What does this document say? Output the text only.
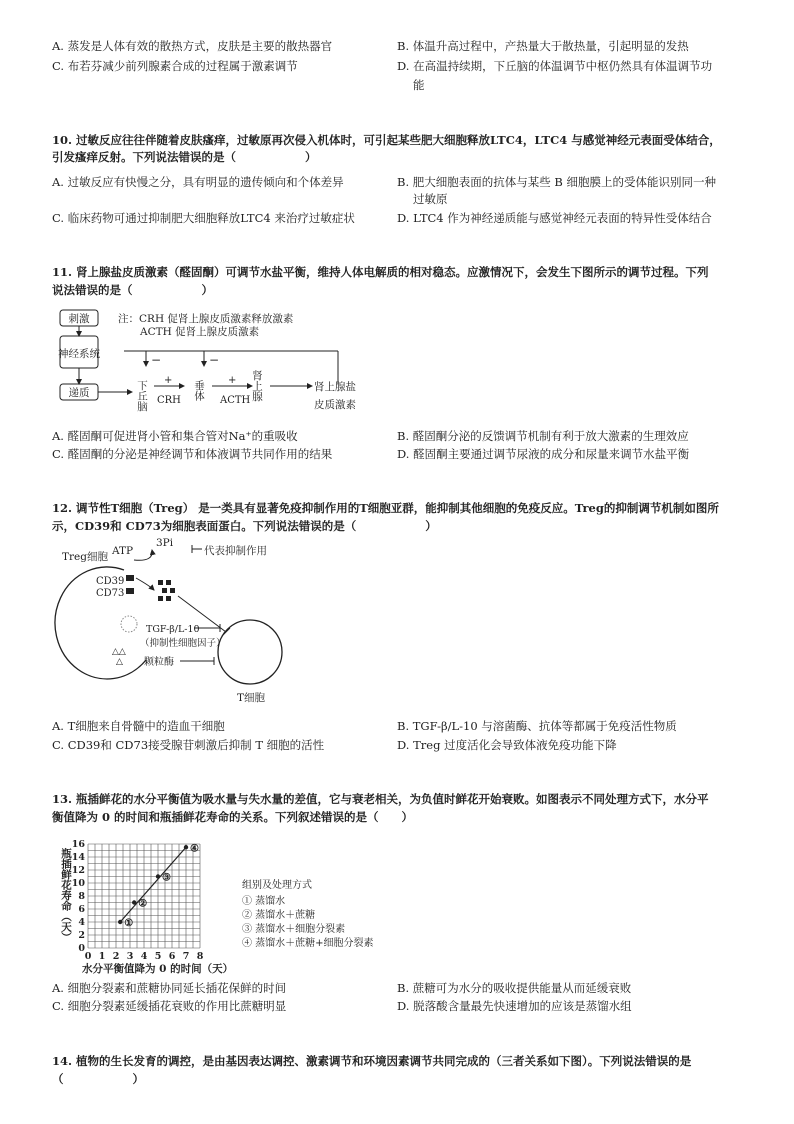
A. 蒸发是人体有效的散热方式，皮肤是主要的散热器官	B. 体温升高过程中，产热量大于散热量，引起明显的发热
C. 布若芬减少前列腺素合成的过程属于激素调节	D. 在高温持续期，下丘脑的体温调节中枢仍然具有体温调节功
能
10. 过敏反应往往伴随着皮肤瘙痒，过敏原再次侵入机体时，可引起某些肥大细胞释放LTC4，LTC4 与感觉神经元表面受体结合，
引发瘙痒反射。下列说法错误的是（　　　　　　）
A. 过敏反应有快慢之分，具有明显的遗传倾向和个体差异	B. 肥大细胞表面的抗体与某些 B 细胞膜上的受体能识别同一种
过敏原
C. 临床药物可通过抑制肥大细胞释放LTC4 来治疗过敏症状	D. LTC4 作为神经递质能与感觉神经元表面的特异性受体结合
11. 肾上腺盐皮质激素（醛固酮）可调节水盐平衡，维持人体电解质的相对稳态。应激情况下，会发生下图所示的调节过程。下列
说法错误的是（　　　　　　）
刺激
神经系统
递质
注：CRH 促肾上腺皮质激素释放激素
ACTH 促肾上腺皮质激素
−	−
下丘脑 +
CRH 垂体 +
ACTH 肾上腺	肾上腺盐
皮质激素
A. 醛固酮可促进肾小管和集合管对Na⁺的重吸收	B. 醛固酮分泌的反馈调节机制有利于放大激素的生理效应
C. 醛固酮的分泌是神经调节和体液调节共同作用的结果	D. 醛固酮主要通过调节尿液的成分和尿量来调节水盐平衡
12. 调节性T细胞（Treg） 是一类具有显著免疫抑制作用的T细胞亚群，能抑制其他细胞的免疫反应。Treg的抑制调节机制如图所
示，CD39和 CD73为细胞表面蛋白。下列说法错误的是（　　　　　　）
Treg细胞 ATP
3Pi
代表抑制作用
CD39
CD73
TGF-β/L-10
（抑制性细胞因子）
△△
△ 颗粒酶
T细胞
A. T细胞来自骨髓中的造血干细胞	B. TGF-β/L-10 与溶菌酶、抗体等都属于免疫活性物质
C. CD39和 CD73接受腺苷刺激后抑制 T 细胞的活性	D. Treg 过度活化会导致体液免疫功能下降
13. 瓶插鲜花的水分平衡值为吸水量与失水量的差值，它与衰老相关，为负值时鲜花开始衰败。如图表示不同处理方式下，水分平
衡值降为 0 的时间和瓶插鲜花寿命的关系。下列叙述错误的是（　　）
瓶插鲜花寿命（天）
水分平衡值降为 0 的时间（天）
0 1 2 3 4 5 6 7 8
0
2
4
6
8
10
12
14
16
①
②
③
④
组别及处理方式
① 蒸馏水
② 蒸馏水＋蔗糖
③ 蒸馏水＋细胞分裂素
④ 蒸馏水＋蔗糖+细胞分裂素
A. 细胞分裂素和蔗糖协同延长插花保鲜的时间	B. 蔗糖可为水分的吸收提供能量从而延缓衰败
C. 细胞分裂素延缓插花衰败的作用比蔗糖明显	D. 脱落酸含量最先快速增加的应该是蒸馏水组
14. 植物的生长发育的调控，是由基因表达调控、激素调节和环境因素调节共同完成的（三者关系如下图）。下列说法错误的是
（　　　　　　）
